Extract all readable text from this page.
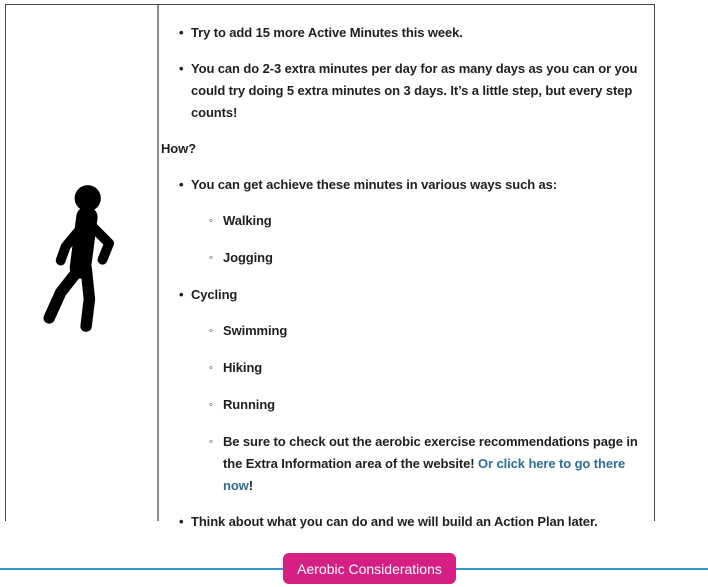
•
Try to add 15 more Active Minutes this week.
•
You can do 2-3 extra minutes per day for as many days as you can or you could try doing 5 extra minutes on 3 days. It’s a little step, but every step counts!
How?
•
You can get achieve these minutes in various ways such as:
◦
Walking
◦
Jogging
•
Cycling
◦
Swimming
◦
Hiking
◦
Running
◦
Be sure to check out the aerobic exercise recommendations page in the Extra Information area of the website! Or click here to go there now!
•
Think about what you can do and we will build an Action Plan later.
Aerobic Considerations
